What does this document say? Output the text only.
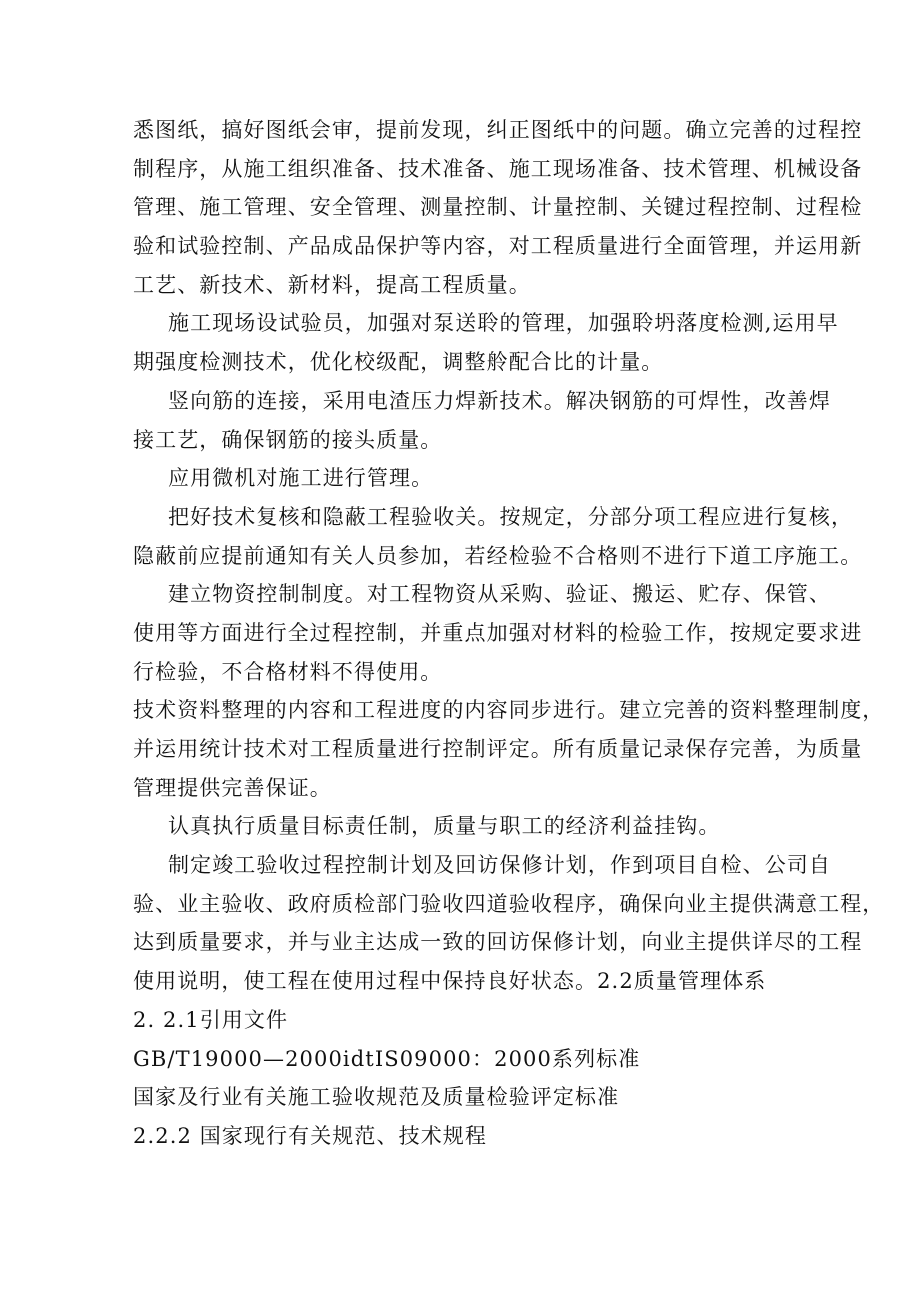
悉图纸，搞好图纸会审，提前发现，纠正图纸中的问题。确立完善的过程控
制程序，从施工组织准备、技术准备、施工现场准备、技术管理、机械设备
管理、施工管理、安全管理、测量控制、计量控制、关键过程控制、过程检
验和试验控制、产品成品保护等内容，对工程质量进行全面管理，并运用新
工艺、新技术、新材料，提高工程质量。
施工现场设试验员，加强对泵送聆的管理，加强聆坍落度检测,运用早
期强度检测技术，优化校级配，调整舲配合比的计量。
竖向筋的连接，采用电渣压力焊新技术。解决钢筋的可焊性，改善焊
接工艺，确保钢筋的接头质量。
应用微机对施工进行管理。
把好技术复核和隐蔽工程验收关。按规定，分部分项工程应进行复核，
隐蔽前应提前通知有关人员参加，若经检验不合格则不进行下道工序施工。
建立物资控制制度。对工程物资从采购、验证、搬运、贮存、保管、
使用等方面进行全过程控制，并重点加强对材料的检验工作，按规定要求进
行检验，不合格材料不得使用。
技术资料整理的内容和工程进度的内容同步进行。建立完善的资料整理制度，
并运用统计技术对工程质量进行控制评定。所有质量记录保存完善，为质量
管理提供完善保证。
认真执行质量目标责任制，质量与职工的经济利益挂钩。
制定竣工验收过程控制计划及回访保修计划，作到项目自检、公司自
验、业主验收、政府质检部门验收四道验收程序，确保向业主提供满意工程，
达到质量要求，并与业主达成一致的回访保修计划，向业主提供详尽的工程
使用说明，使工程在使用过程中保持良好状态。2.2质量管理体系
2. 2.1引用文件
GB/T19000—2000idtIS09000：2000系列标准
国家及行业有关施工验收规范及质量检验评定标准
2.2.2 国家现行有关规范、技术规程
